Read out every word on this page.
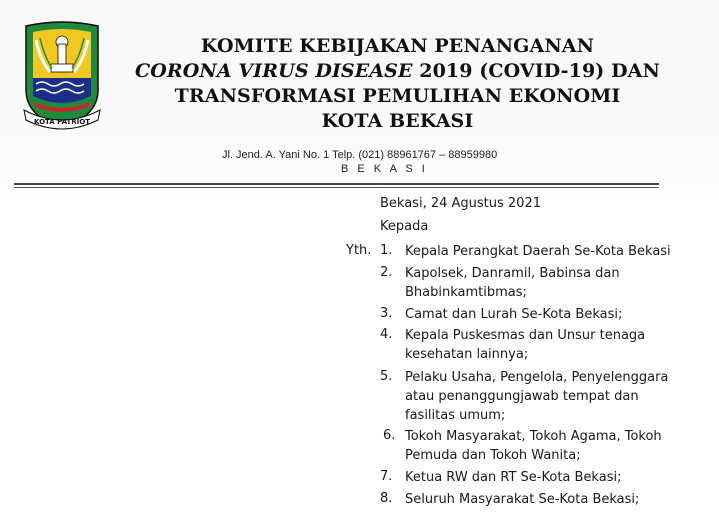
KOTA PATRIOT
KOMITE KEBIJAKAN PENANGANAN
CORONA VIRUS DISEASE 2019 (COVID-19) DAN
TRANSFORMASI PEMULIHAN EKONOMI
KOTA BEKASI
Jl. Jend. A. Yani No. 1 Telp. (021) 88961767 – 88959980
B E K A S I
Bekasi, 24 Agustus 2021
Kepada
Yth. 1. Kepala Perangkat Daerah Se-Kota Bekasi
2. Kapolsek, Danramil, Babinsa dan
Bhabinkamtibmas;
3. Camat dan Lurah Se-Kota Bekasi;
4. Kepala Puskesmas dan Unsur tenaga
kesehatan lainnya;
5. Pelaku Usaha, Pengelola, Penyelenggara
atau penanggungjawab tempat dan
fasilitas umum;
6. Tokoh Masyarakat, Tokoh Agama, Tokoh
Pemuda dan Tokoh Wanita;
7. Ketua RW dan RT Se-Kota Bekasi;
8. Seluruh Masyarakat Se-Kota Bekasi;
